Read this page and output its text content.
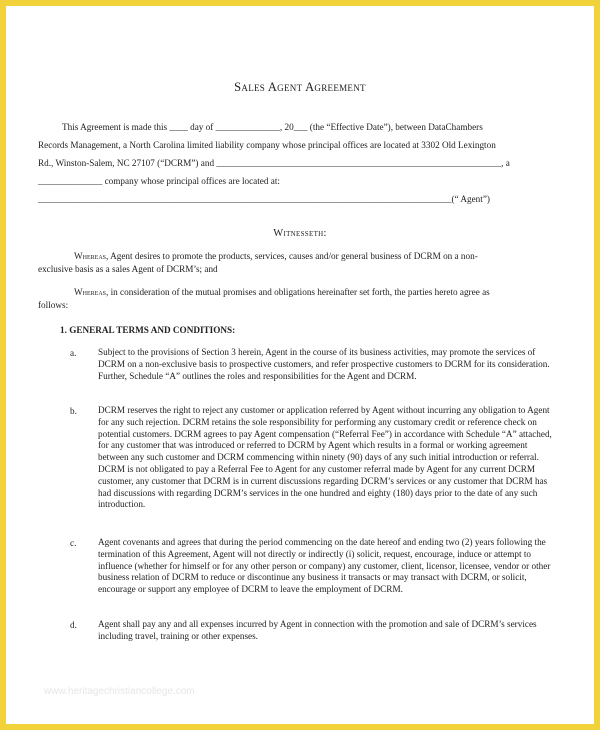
Sales Agent Agreement

This Agreement is made this ____ day of ______________, 20___ (the “Effective Date”), between DataChambers

Records Management, a North Carolina limited liability company whose principal offices are located at 3302 Old Lexington

Rd., Winston-Salem, NC 27107 (“DCRM”) and ______________________________________________________________, a

______________ company whose principal offices are located at:

__________________________________________________________________________________________(“ Agent”)

Witnesseth:

Whereas, Agent desires to promote the products, services, causes and/or general business of DCRM on a non-

exclusive basis as a sales Agent of DCRM’s; and

Whereas, in consideration of the mutual promises and obligations hereinafter set forth, the parties hereto agree as

follows:

1. GENERAL TERMS AND CONDITIONS:
a. Subject to the provisions of Section 3 herein, Agent in the course of its business activities, may promote the services of DCRM on a non-exclusive basis to prospective customers, and refer prospective customers to DCRM for its consideration. Further, Schedule “A” outlines the roles and responsibilities for the Agent and DCRM.

b. DCRM reserves the right to reject any customer or application referred by Agent without incurring any obligation to Agent for any such rejection. DCRM retains the sole responsibility for performing any customary credit or reference check on potential customers. DCRM agrees to pay Agent compensation (“Referral Fee”) in accordance with Schedule “A” attached, for any customer that was introduced or referred to DCRM by Agent which results in a formal or working agreement between any such customer and DCRM commencing within ninety (90) days of any such initial introduction or referral. DCRM is not obligated to pay a Referral Fee to Agent for any customer referral made by Agent for any current DCRM customer, any customer that DCRM is in current discussions regarding DCRM’s services or any customer that DCRM has had discussions with regarding DCRM’s services in the one hundred and eighty (180) days prior to the date of any such introduction.

c. Agent covenants and agrees that during the period commencing on the date hereof and ending two (2) years following the termination of this Agreement, Agent will not directly or indirectly (i) solicit, request, encourage, induce or attempt to influence (whether for himself or for any other person or company) any customer, client, licensor, licensee, vendor or other business relation of DCRM to reduce or discontinue any business it transacts or may transact with DCRM, or solicit, encourage or support any employee of DCRM to leave the employment of DCRM.

d. Agent shall pay any and all expenses incurred by Agent in connection with the promotion and sale of DCRM’s services including travel, training or other expenses.

www.heritagechristiancollege.com
